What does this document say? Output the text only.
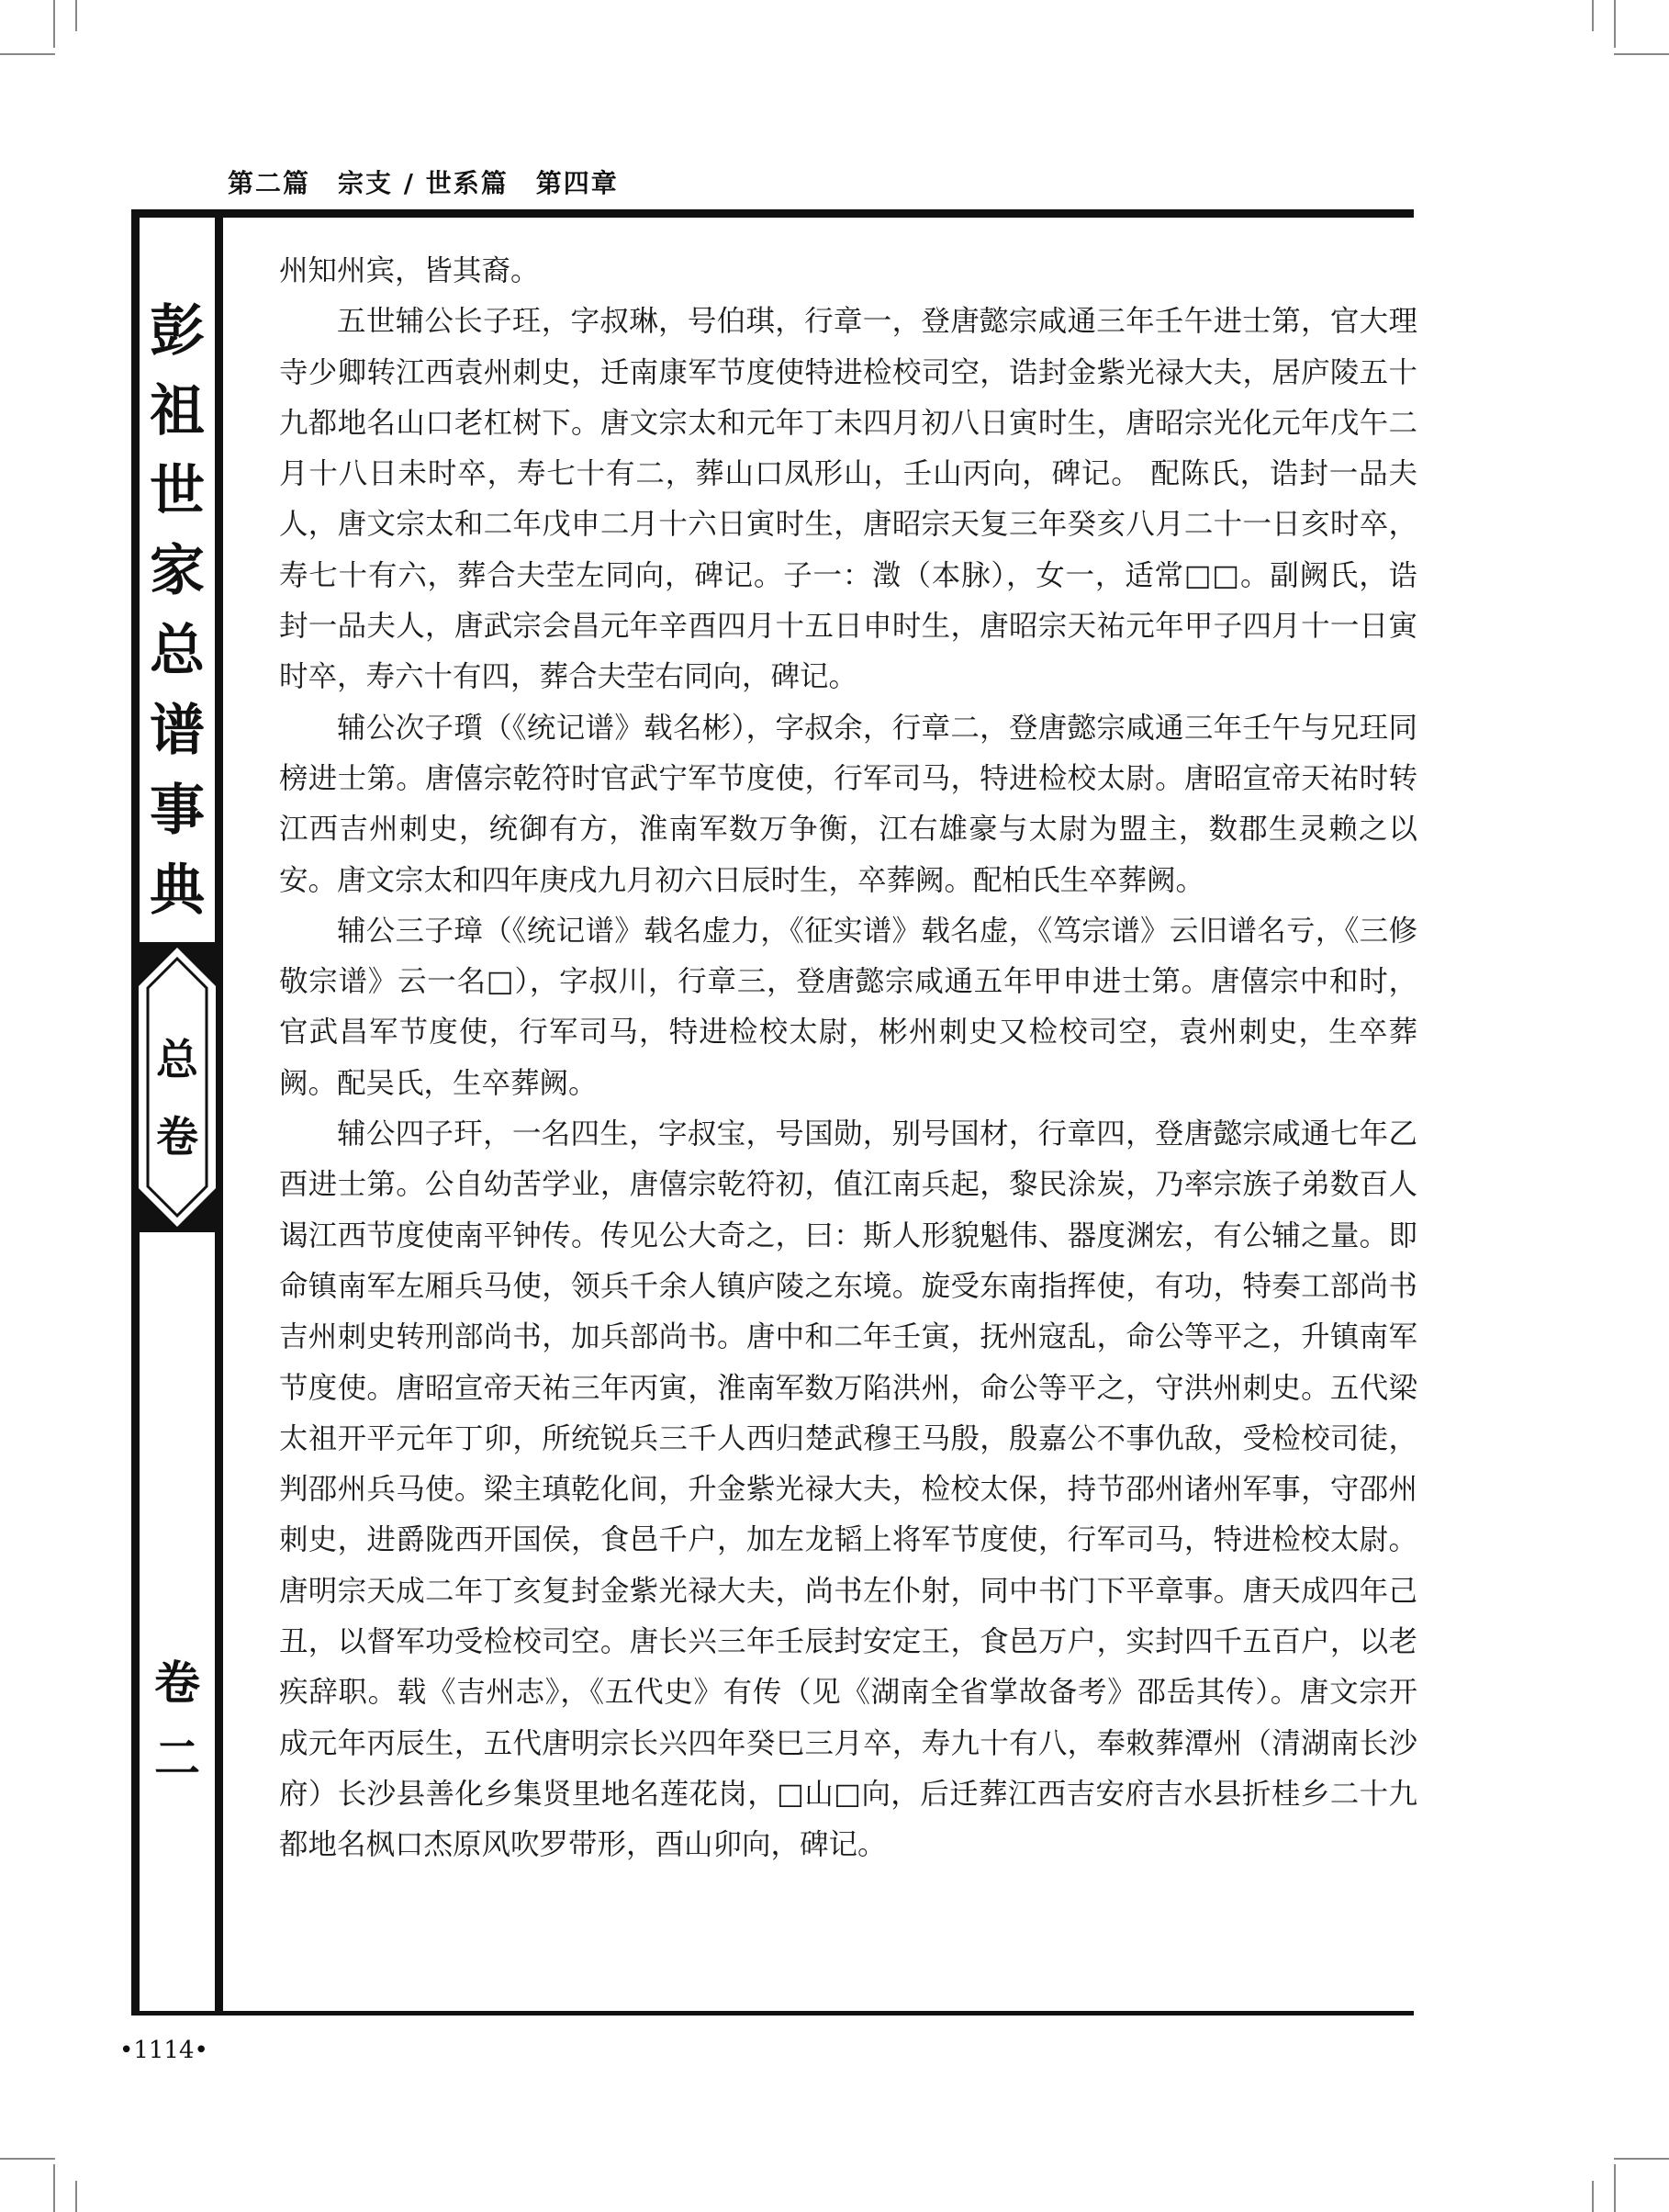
第二篇　宗支 / 世系篇　第四章
彭
祖
世
家
总
谱
事
典
总
卷
卷
二

州知州宾，皆其裔。

五世辅公长子玨，字叔琳，号伯琪，行章一，登唐懿宗咸通三年壬午进士第，官大理寺少卿转江西袁州刺史，迁南康军节度使特进检校司空，诰封金紫光禄大夫，居庐陵五十九都地名山口老杠树下。唐文宗太和元年丁未四月初八日寅时生，唐昭宗光化元年戊午二月十八日未时卒，寿七十有二，葬山口凤形山，壬山丙向，碑记。 配陈氏，诰封一品夫人，唐文宗太和二年戊申二月十六日寅时生，唐昭宗天复三年癸亥八月二十一日亥时卒，寿七十有六，葬合夫茔左同向，碑记。子一：澂（本脉），女一，适常□□。副阙氏，诰封一品夫人，唐武宗会昌元年辛酉四月十五日申时生，唐昭宗天祐元年甲子四月十一日寅时卒，寿六十有四，葬合夫茔右同向，碑记。

辅公次子瓆（《统记谱》载名彬），字叔余，行章二，登唐懿宗咸通三年壬午与兄玨同榜进士第。唐僖宗乾符时官武宁军节度使，行军司马，特进检校太尉。唐昭宣帝天祐时转江西吉州刺史，统御有方，淮南军数万争衡，江右雄豪与太尉为盟主，数郡生灵赖之以安。唐文宗太和四年庚戌九月初六日辰时生，卒葬阙。配柏氏生卒葬阙。

辅公三子璋（《统记谱》载名虚力，《征实谱》载名虚，《笃宗谱》云旧谱名亏，《三修敬宗谱》云一名□），字叔川，行章三，登唐懿宗咸通五年甲申进士第。唐僖宗中和时，官武昌军节度使，行军司马，特进检校太尉，彬州刺史又检校司空，袁州刺史，生卒葬阙。配吴氏，生卒葬阙。

辅公四子玕，一名四生，字叔宝，号国勋，别号国材，行章四，登唐懿宗咸通七年乙酉进士第。公自幼苦学业，唐僖宗乾符初，值江南兵起，黎民涂炭，乃率宗族子弟数百人谒江西节度使南平钟传。传见公大奇之，曰：斯人形貌魁伟、器度渊宏，有公辅之量。即命镇南军左厢兵马使，领兵千余人镇庐陵之东境。旋受东南指挥使，有功，特奏工部尚书吉州刺史转刑部尚书，加兵部尚书。唐中和二年壬寅，抚州寇乱，命公等平之，升镇南军节度使。唐昭宣帝天祐三年丙寅，淮南军数万陷洪州，命公等平之，守洪州刺史。五代梁太祖开平元年丁卯，所统锐兵三千人西归楚武穆王马殷，殷嘉公不事仇敌，受检校司徒，判邵州兵马使。梁主瑱乾化间，升金紫光禄大夫，检校太保，持节邵州诸州军事，守邵州刺史，进爵陇西开国侯，食邑千户，加左龙韬上将军节度使，行军司马，特进检校太尉。唐明宗天成二年丁亥复封金紫光禄大夫，尚书左仆射，同中书门下平章事。唐天成四年己丑，以督军功受检校司空。唐长兴三年壬辰封安定王，食邑万户，实封四千五百户，以老疾辞职。载《吉州志》，《五代史》有传（见《湖南全省掌故备考》邵岳其传）。唐文宗开成元年丙辰生，五代唐明宗长兴四年癸巳三月卒，寿九十有八，奉敕葬潭州（清湖南长沙府）长沙县善化乡集贤里地名莲花岗，□山□向，后迁葬江西吉安府吉水县折桂乡二十九都地名枫口杰原风吹罗带形，酉山卯向，碑记。

•1114•
